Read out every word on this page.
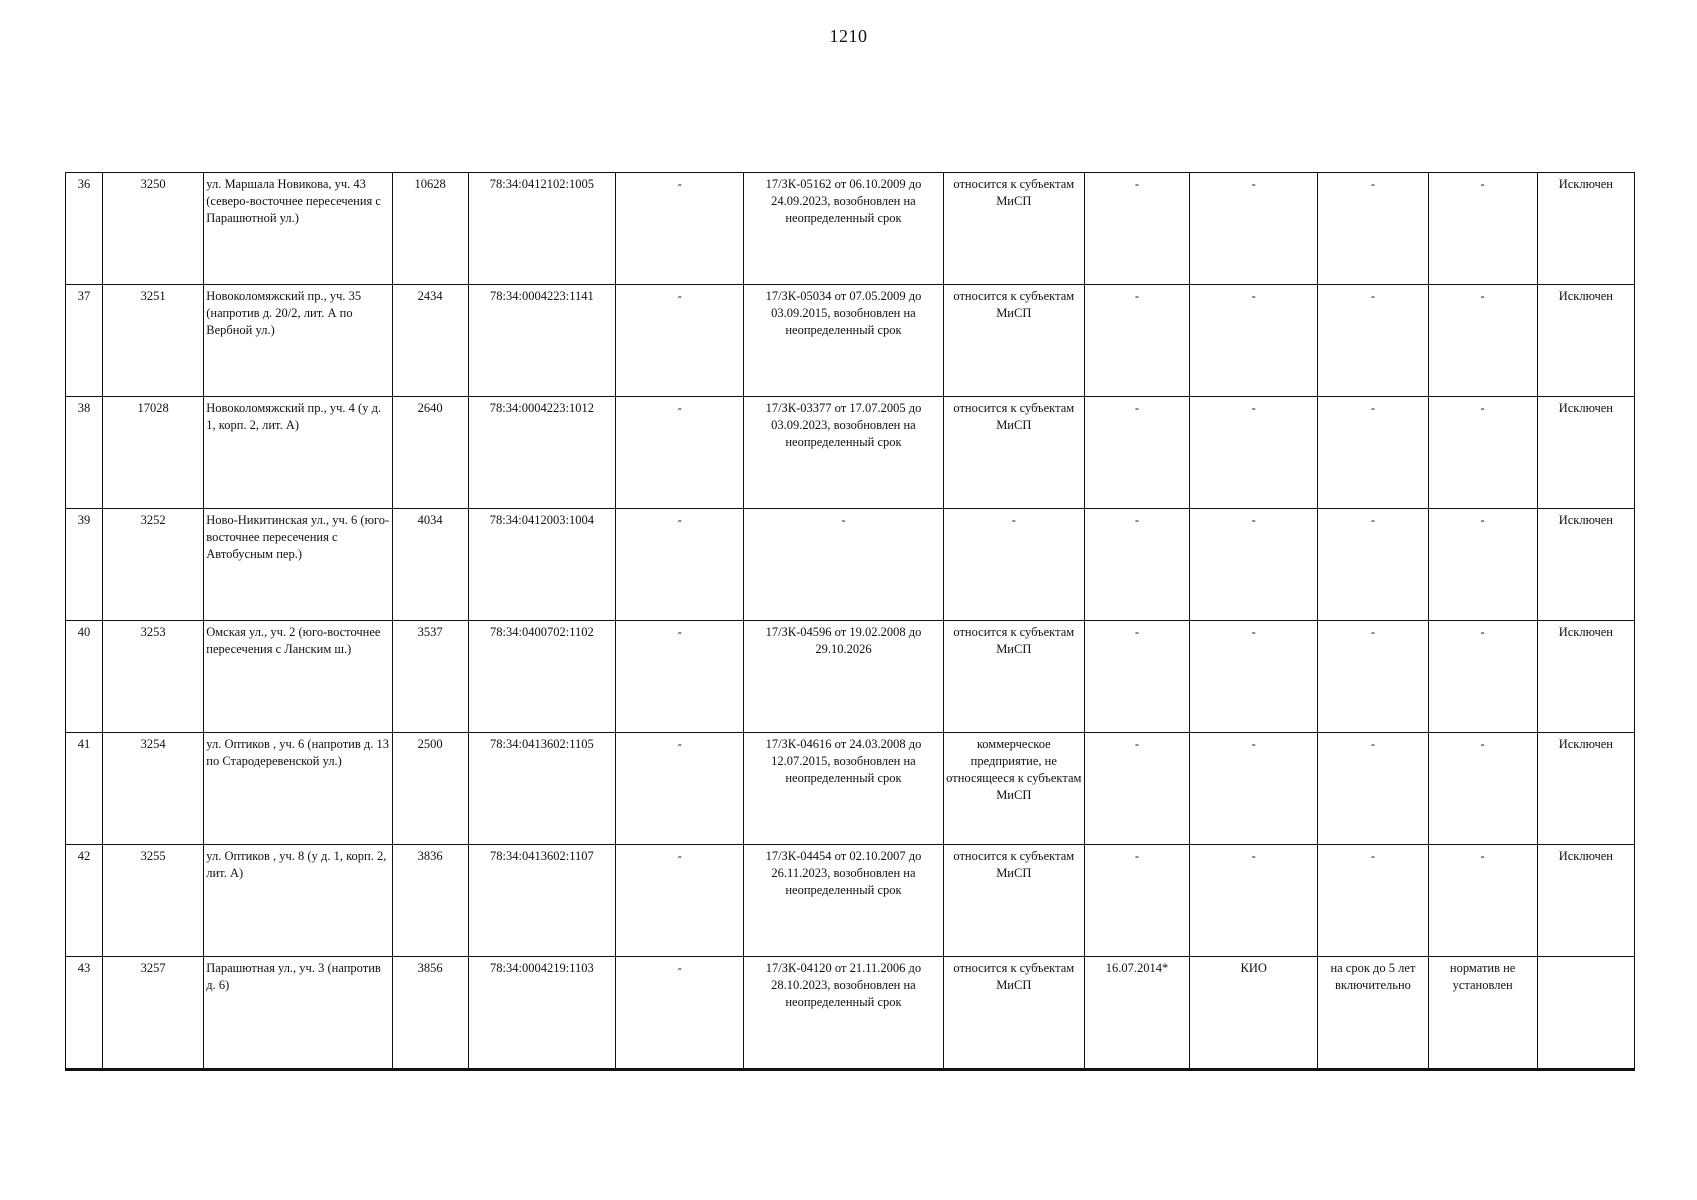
1210
36	3250	ул. Маршала Новикова, уч. 43 (северо-восточнее пересечения с Парашютной ул.)	10628	78:34:0412102:1005	-	17/ЗК-05162 от 06.10.2009 до 24.09.2023, возобновлен на неопределенный срок	относится к субъектам МиСП	-	-	-	-	Исключен
37	3251	Новоколомяжский пр., уч. 35 (напротив д. 20/2, лит. А по Вербной ул.)	2434	78:34:0004223:1141	-	17/ЗК-05034 от 07.05.2009 до 03.09.2015, возобновлен на неопределенный срок	относится к субъектам МиСП	-	-	-	-	Исключен
38	17028	Новоколомяжский пр., уч. 4 (у д. 1, корп. 2, лит. А)	2640	78:34:0004223:1012	-	17/ЗК-03377 от 17.07.2005 до 03.09.2023, возобновлен на неопределенный срок	относится к субъектам МиСП	-	-	-	-	Исключен
39	3252	Ново-Никитинская ул., уч. 6 (юго-восточнее пересечения с Автобусным пер.)	4034	78:34:0412003:1004	-	-	-	-	-	-	-	Исключен
40	3253	Омская ул., уч. 2 (юго-восточнее пересечения с Ланским ш.)	3537	78:34:0400702:1102	-	17/ЗК-04596 от 19.02.2008 до 29.10.2026	относится к субъектам МиСП	-	-	-	-	Исключен
41	3254	ул. Оптиков , уч. 6 (напротив д. 13 по Стародеревенской ул.)	2500	78:34:0413602:1105	-	17/ЗК-04616 от 24.03.2008 до 12.07.2015, возобновлен на неопределенный срок	коммерческое предприятие, не относящееся к субъектам МиСП	-	-	-	-	Исключен
42	3255	ул. Оптиков , уч. 8 (у д. 1, корп. 2, лит. А)	3836	78:34:0413602:1107	-	17/ЗК-04454 от 02.10.2007 до 26.11.2023, возобновлен на неопределенный срок	относится к субъектам МиСП	-	-	-	-	Исключен
43	3257	Парашютная ул., уч. 3 (напротив д. 6)	3856	78:34:0004219:1103	-	17/ЗК-04120 от 21.11.2006 до 28.10.2023, возобновлен на неопределенный срок	относится к субъектам МиСП	16.07.2014*	КИО	на срок до 5 лет включительно	норматив не установлен	
